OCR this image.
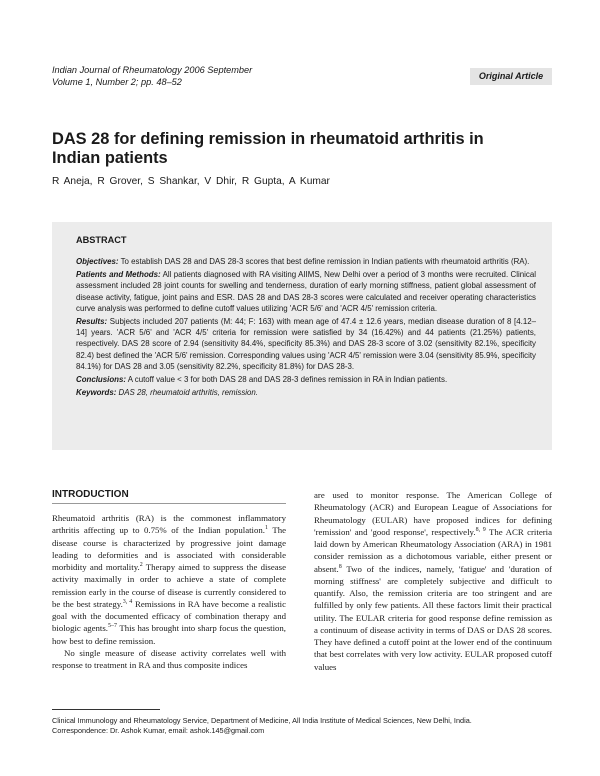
Indian Journal of Rheumatology 2006 September
Volume 1, Number 2; pp. 48–52
Original Article
DAS 28 for defining remission in rheumatoid arthritis in Indian patients
R Aneja, R Grover, S Shankar, V Dhir, R Gupta, A Kumar
ABSTRACT

Objectives: To establish DAS 28 and DAS 28-3 scores that best define remission in Indian patients with rheumatoid arthritis (RA).

Patients and Methods: All patients diagnosed with RA visiting AIIMS, New Delhi over a period of 3 months were recruited. Clinical assessment included 28 joint counts for swelling and tenderness, duration of early morning stiffness, patient global assessment of disease activity, fatigue, joint pains and ESR. DAS 28 and DAS 28-3 scores were calculated and receiver operating characteristics curve analysis was performed to define cutoff values utilizing 'ACR 5/6' and 'ACR 4/5' remission criteria.

Results: Subjects included 207 patients (M: 44; F: 163) with mean age of 47.4 ± 12.6 years, median disease duration of 8 [4.12–14] years. 'ACR 5/6' and 'ACR 4/5' criteria for remission were satisfied by 34 (16.42%) and 44 patients (21.25%) patients, respectively. DAS 28 score of 2.94 (sensitivity 84.4%, specificity 85.3%) and DAS 28-3 score of 3.02 (sensitivity 82.1%, specificity 82.4) best defined the 'ACR 5/6' remission. Corresponding values using 'ACR 4/5' remission were 3.04 (sensitivity 85.9%, specificity 84.1%) for DAS 28 and 3.05 (sensitivity 82.2%, specificity 81.8%) for DAS 28-3.

Conclusions: A cutoff value < 3 for both DAS 28 and DAS 28-3 defines remission in RA in Indian patients.

Keywords: DAS 28, rheumatoid arthritis, remission.

INTRODUCTION

Rheumatoid arthritis (RA) is the commonest inflammatory arthritis affecting up to 0.75% of the Indian population.$^1$ The disease course is characterized by progressive joint damage leading to deformities and is associated with considerable morbidity and mortality.$^2$ Therapy aimed to suppress the disease activity maximally in order to achieve a state of complete remission early in the course of disease is currently considered to be the best strategy.$^{3, 4}$ Remissions in RA have become a realistic goal with the documented efficacy of combination therapy and biologic agents.$^{5-7}$ This has brought into sharp focus the question, how best to define remission.

No single measure of disease activity correlates well with response to treatment in RA and thus composite indices

are used to monitor response. The American College of Rheumatology (ACR) and European League of Associations for Rheumatology (EULAR) have proposed indices for defining 'remission' and 'good response', respectively.$^{8, 9}$ The ACR criteria laid down by American Rheumatology Association (ARA) in 1981 consider remission as a dichotomous variable, either present or absent.$^8$ Two of the indices, namely, 'fatigue' and 'duration of morning stiffness' are completely subjective and difficult to quantify. Also, the remission criteria are too stringent and are fulfilled by only few patients. All these factors limit their practical utility. The EULAR criteria for good response define remission as a continuum of disease activity in terms of DAS or DAS 28 scores. They have defined a cutoff point at the lower end of the continuum that best correlates with very low activity. EULAR proposed cutoff values

Clinical Immunology and Rheumatology Service, Department of Medicine, All India Institute of Medical Sciences, New Delhi, India.
Correspondence: Dr. Ashok Kumar, email: ashok.145@gmail.com
